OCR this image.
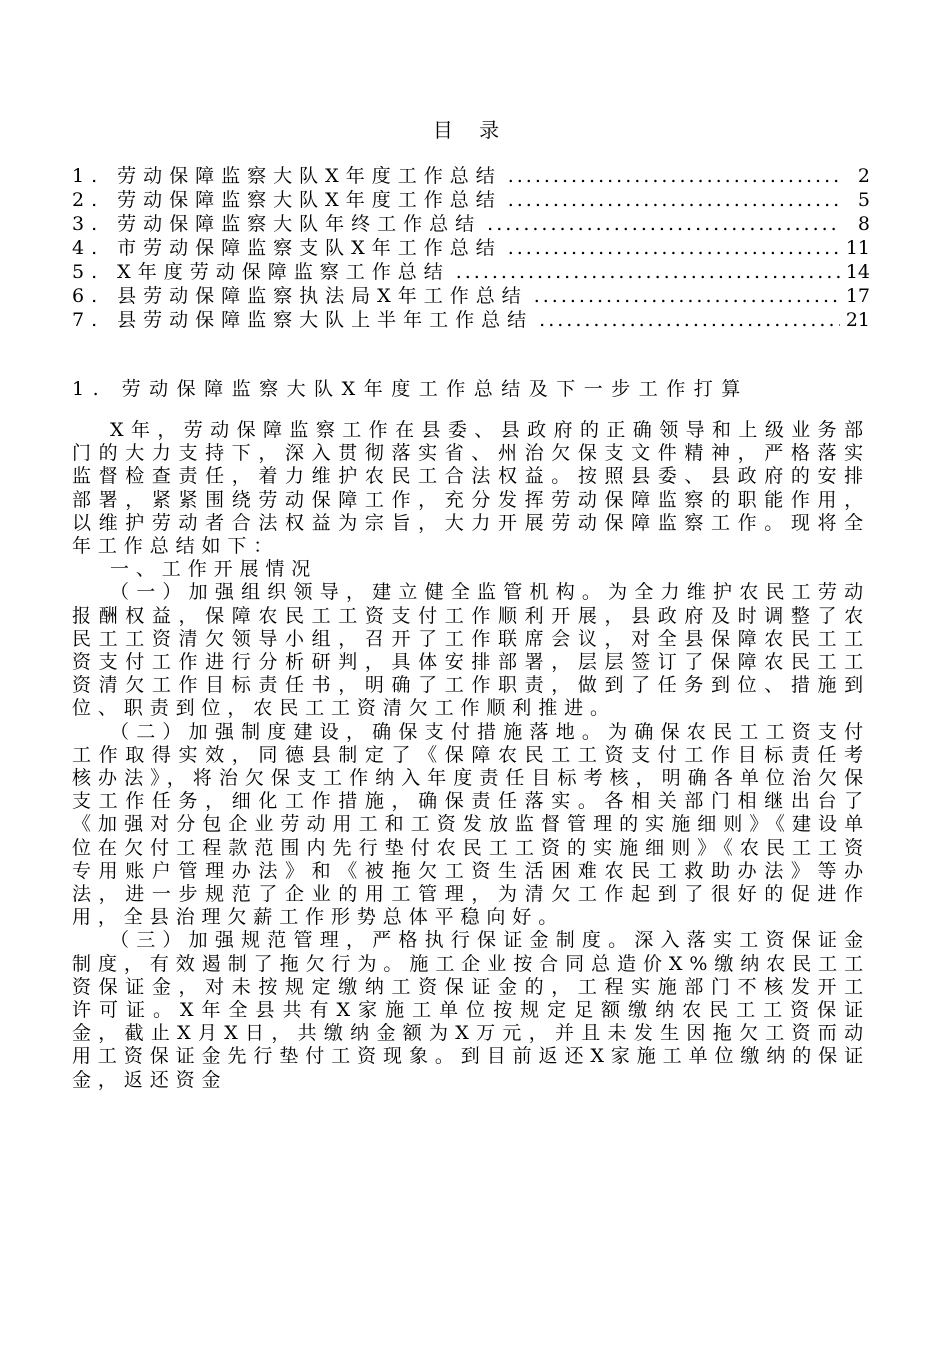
目 录
1. 劳动保障监察大队X年度工作总结 .....	2
2. 劳动保障监察大队X年度工作总结 .....	5
3. 劳动保障监察大队年终工作总结 .....	8
4. 市劳动保障监察支队X年工作总结 .....	11
5. X年度劳动保障监察工作总结 .....	14
6. 县劳动保障监察执法局X年工作总结 .....	17
7. 县劳动保障监察大队上半年工作总结 .....	21
1. 劳动保障监察大队X年度工作总结及下一步工作打算

X年，劳动保障监察工作在县委、县政府的正确领导和上级业务部门的大力支持下，深入贯彻落实省、州治欠保支文件精神，严格落实监督检查责任，着力维护农民工合法权益。按照县委、县政府的安排部署，紧紧围绕劳动保障工作，充分发挥劳动保障监察的职能作用，以维护劳动者合法权益为宗旨，大力开展劳动保障监察工作。现将全年工作总结如下：

一、工作开展情况

（一）加强组织领导，建立健全监管机构。为全力维护农民工劳动报酬权益，保障农民工工资支付工作顺利开展，县政府及时调整了农民工工资清欠领导小组，召开了工作联席会议，对全县保障农民工工资支付工作进行分析研判，具体安排部署，层层签订了保障农民工工资清欠工作目标责任书，明确了工作职责，做到了任务到位、措施到位、职责到位，农民工工资清欠工作顺利推进。

（二）加强制度建设，确保支付措施落地。为确保农民工工资支付工作取得实效，同德县制定了《保障农民工工资支付工作目标责任考核办法》，将治欠保支工作纳入年度责任目标考核，明确各单位治欠保支工作任务，细化工作措施，确保责任落实。各相关部门相继出台了《加强对分包企业劳动用工和工资发放监督管理的实施细则》《建设单位在欠付工程款范围内先行垫付农民工工资的实施细则》《农民工工资专用账户管理办法》和《被拖欠工资生活困难农民工救助办法》等办法，进一步规范了企业的用工管理，为清欠工作起到了很好的促进作用，全县治理欠薪工作形势总体平稳向好。

（三）加强规范管理，严格执行保证金制度。深入落实工资保证金制度，有效遏制了拖欠行为。施工企业按合同总造价X%缴纳农民工工资保证金，对未按规定缴纳工资保证金的，工程实施部门不核发开工许可证。X年全县共有X家施工单位按规定足额缴纳农民工工资保证金，截止X月X日，共缴纳金额为X万元，并且未发生因拖欠工资而动用工资保证金先行垫付工资现象。到目前返还X家施工单位缴纳的保证金，返还资金
